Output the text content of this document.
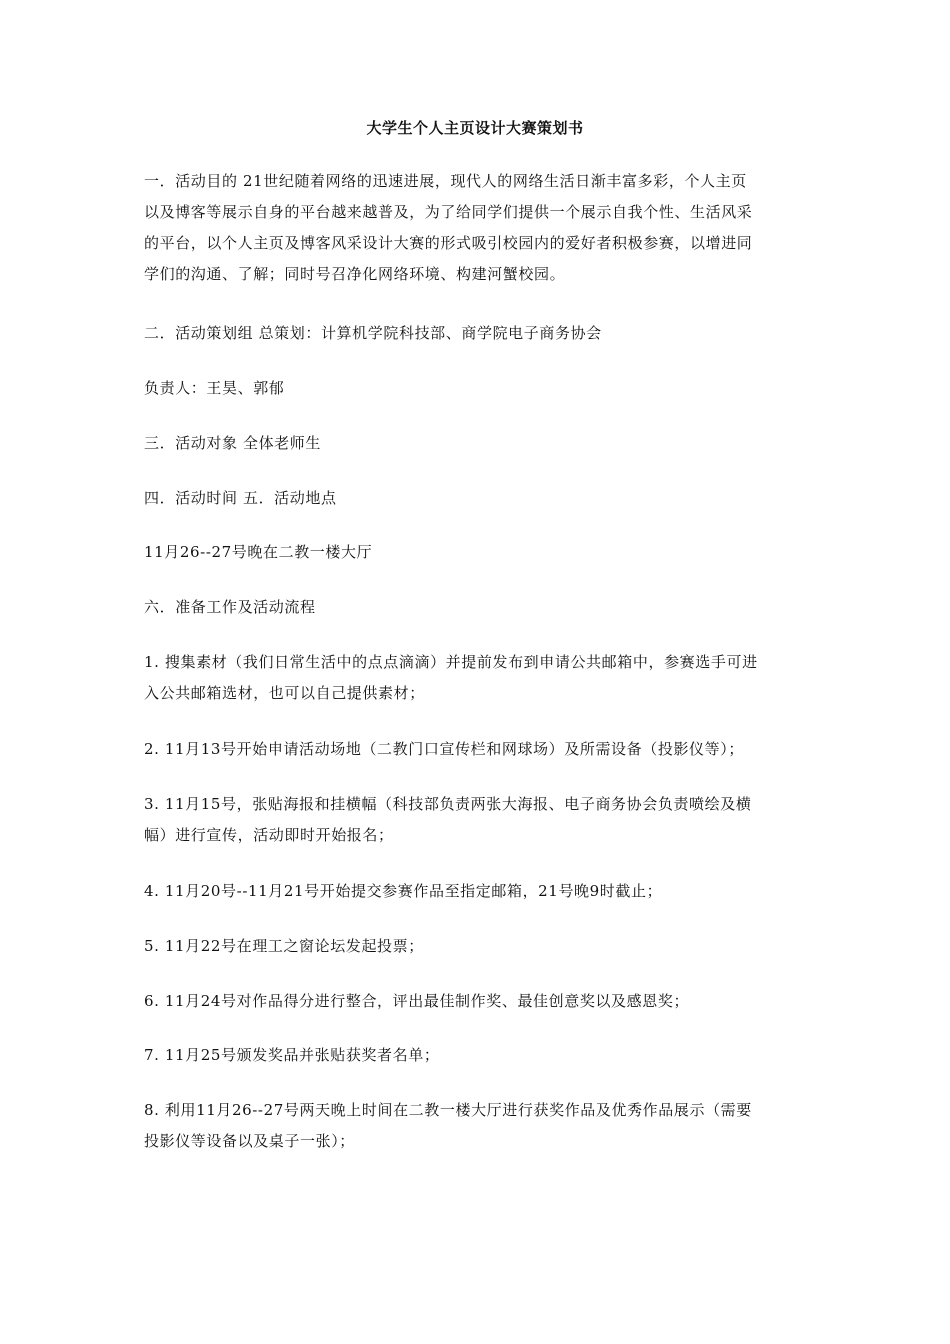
大学生个人主页设计大赛策划书
一．活动目的 21世纪随着网络的迅速进展，现代人的网络生活日渐丰富多彩，个人主页
以及博客等展示自身的平台越来越普及，为了给同学们提供一个展示自我个性、生活风采
的平台，以个人主页及博客风采设计大赛的形式吸引校园内的爱好者积极参赛，以增进同
学们的沟通、了解；同时号召净化网络环境、构建河蟹校园。
二．活动策划组 总策划：计算机学院科技部、商学院电子商务协会
负责人：王昊、郭郁
三．活动对象 全体老师生
四．活动时间 五．活动地点
11月26--27号晚在二教一楼大厅
六．准备工作及活动流程
1. 搜集素材（我们日常生活中的点点滴滴）并提前发布到申请公共邮箱中，参赛选手可进
入公共邮箱选材，也可以自己提供素材；
2. 11月13号开始申请活动场地（二教门口宣传栏和网球场）及所需设备（投影仪等）；
3. 11月15号，张贴海报和挂横幅（科技部负责两张大海报、电子商务协会负责喷绘及横
幅）进行宣传，活动即时开始报名；
4. 11月20号--11月21号开始提交参赛作品至指定邮箱，21号晚9时截止；
5. 11月22号在理工之窗论坛发起投票；
6. 11月24号对作品得分进行整合，评出最佳制作奖、最佳创意奖以及感恩奖；
7. 11月25号颁发奖品并张贴获奖者名单；
8. 利用11月26--27号两天晚上时间在二教一楼大厅进行获奖作品及优秀作品展示（需要
投影仪等设备以及桌子一张）；
